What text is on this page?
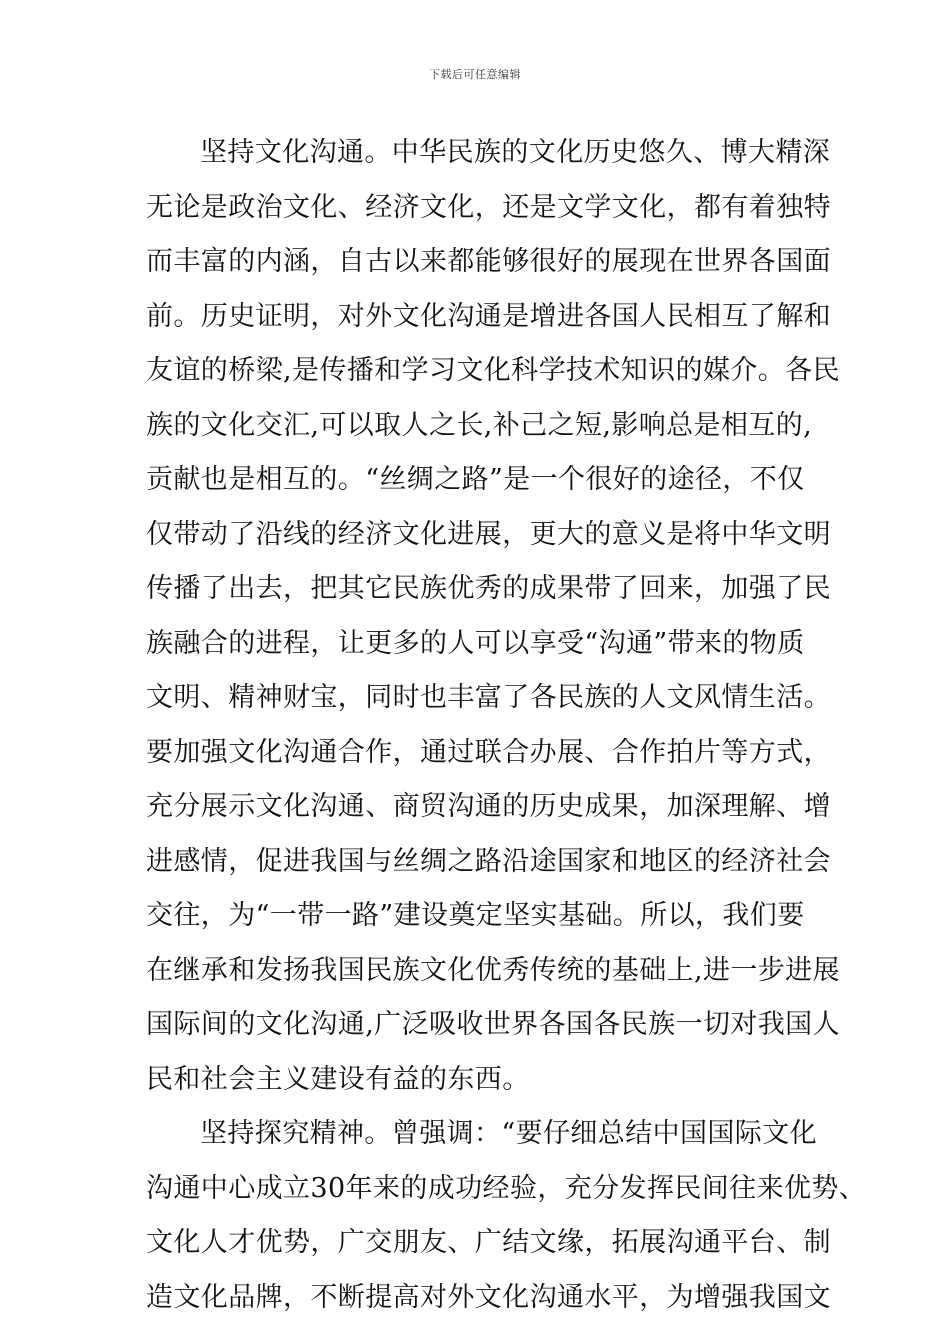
下载后可任意编辑
坚持文化沟通。中华民族的文化历史悠久、博大精深
无论是政治文化、经济文化，还是文学文化，都有着独特
而丰富的内涵，自古以来都能够很好的展现在世界各国面
前。历史证明，对外文化沟通是增进各国人民相互了解和
友谊的桥梁,是传播和学习文化科学技术知识的媒介。各民
族的文化交汇,可以取人之长,补己之短,影响总是相互的,
贡献也是相互的。“丝绸之路”是一个很好的途径，不仅
仅带动了沿线的经济文化进展，更大的意义是将中华文明
传播了出去，把其它民族优秀的成果带了回来，加强了民
族融合的进程，让更多的人可以享受“沟通”带来的物质
文明、精神财宝，同时也丰富了各民族的人文风情生活。
要加强文化沟通合作，通过联合办展、合作拍片等方式，
充分展示文化沟通、商贸沟通的历史成果，加深理解、增
进感情，促进我国与丝绸之路沿途国家和地区的经济社会
交往，为“一带一路”建设奠定坚实基础。所以，我们要
在继承和发扬我国民族文化优秀传统的基础上,进一步进展
国际间的文化沟通,广泛吸收世界各国各民族一切对我国人
民和社会主义建设有益的东西。
坚持探究精神。曾强调：“要仔细总结中国国际文化
沟通中心成立30年来的成功经验，充分发挥民间往来优势、
文化人才优势，广交朋友、广结文缘，拓展沟通平台、制
造文化品牌，不断提高对外文化沟通水平，为增强我国文
